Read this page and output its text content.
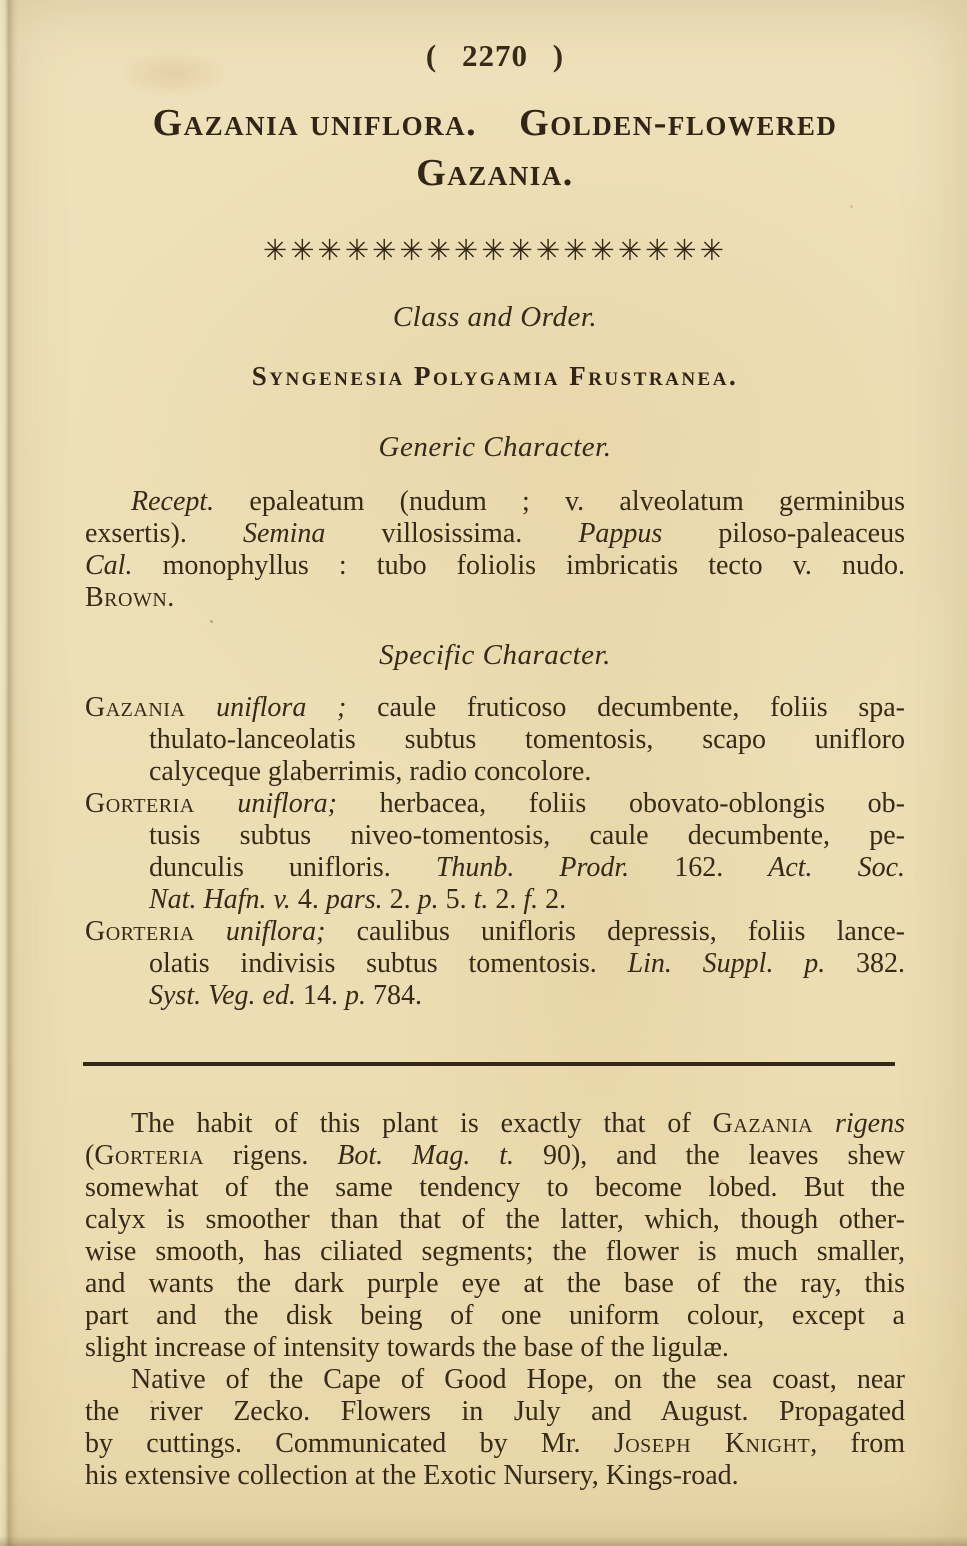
( 2270 )
Gazania uniflora. Golden-flowered
Gazania.
✳✳✳✳✳✳✳✳✳✳✳✳✳✳✳✳✳
Class and Order.
Syngenesia Polygamia Frustranea.
Generic Character.
Recept. epaleatum (nudum ; v. alveolatum germinibus
exsertis). Semina villosissima. Pappus piloso-paleaceus
Cal. monophyllus : tubo foliolis imbricatis tecto v. nudo.
Brown.
Specific Character.
Gazania uniflora ; caule fruticoso decumbente, foliis spa-
thulato-lanceolatis subtus tomentosis, scapo unifloro
calyceque glaberrimis, radio concolore.
Gorteria uniflora; herbacea, foliis obovato-oblongis ob-
tusis subtus niveo-tomentosis, caule decumbente, pe-
dunculis unifloris. Thunb. Prodr. 162. Act. Soc.
Nat. Hafn. v. 4. pars. 2. p. 5. t. 2. f. 2.
Gorteria uniflora; caulibus unifloris depressis, foliis lance-
olatis indivisis subtus tomentosis. Lin. Suppl. p. 382.
Syst. Veg. ed. 14. p. 784.
The habit of this plant is exactly that of Gazania rigens
(Gorteria rigens. Bot. Mag. t. 90), and the leaves shew
somewhat of the same tendency to become lobed. But the
calyx is smoother than that of the latter, which, though other-
wise smooth, has ciliated segments; the flower is much smaller,
and wants the dark purple eye at the base of the ray, this
part and the disk being of one uniform colour, except a
slight increase of intensity towards the base of the ligulæ.
Native of the Cape of Good Hope, on the sea coast, near
the river Zecko. Flowers in July and August. Propagated
by cuttings. Communicated by Mr. Joseph Knight, from
his extensive collection at the Exotic Nursery, Kings-road.
